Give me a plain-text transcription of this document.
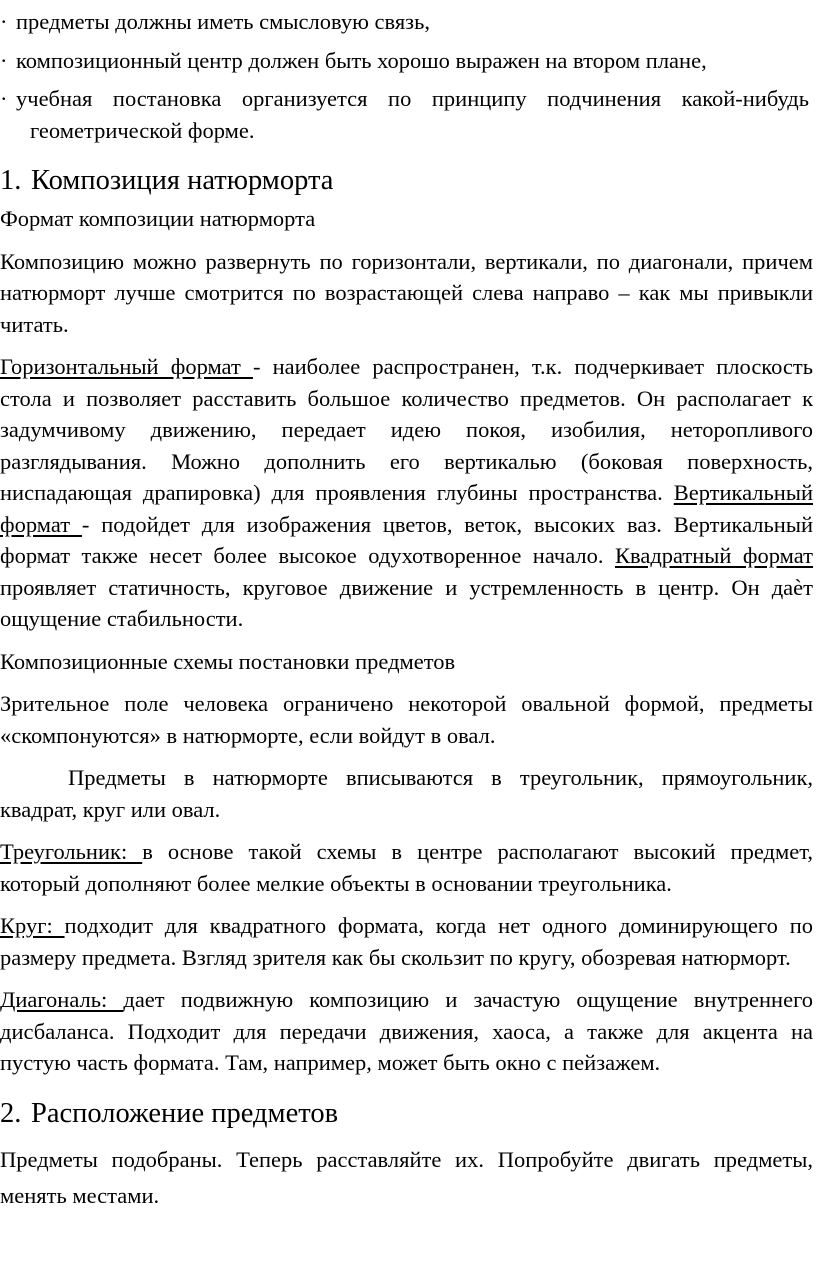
· предметы должны иметь смысловую связь,

· композиционный центр должен быть хорошо выражен на втором плане,

· учебная постановка организуется по принципу подчинения какой-нибудь геометрической форме.

1. Композиция натюрморта

Формат композиции натюрморта

Композицию можно развернуть по горизонтали, вертикали, по диагонали, причем натюрморт лучше смотрится по возрастающей слева направо – как мы привыкли читать.

Горизонтальный формат - наиболее распространен, т.к. подчеркивает плоскость стола и позволяет расставить большое количество предметов. Он располагает к задумчивому движению, передает идею покоя, изобилия, неторопливого разглядывания. Можно дополнить его вертикалью (боковая поверхность, ниспадающая драпировка) для проявления глубины пространства. Вертикальный формат - подойдет для изображения цветов, веток, высоких ваз. Вертикальный формат также несет более высокое одухотворенное начало. Квадратный формат проявляет статичность, круговое движение и устремленность в центр. Он даѐт ощущение стабильности.

Композиционные схемы постановки предметов

Зрительное поле человека ограничено некоторой овальной формой, предметы «скомпонуются» в натюрморте, если войдут в овал.

Предметы в натюрморте вписываются в треугольник, прямоугольник, квадрат, круг или овал.

Треугольник: в основе такой схемы в центре располагают высокий предмет, который дополняют более мелкие объекты в основании треугольника.

Круг: подходит для квадратного формата, когда нет одного доминирующего по размеру предмета. Взгляд зрителя как бы скользит по кругу, обозревая натюрморт.

Диагональ: дает подвижную композицию и зачастую ощущение внутреннего дисбаланса. Подходит для передачи движения, хаоса, а также для акцента на пустую часть формата. Там, например, может быть окно с пейзажем.

2. Расположение предметов

Предметы подобраны. Теперь расставляйте их. Попробуйте двигать предметы, менять местами.
